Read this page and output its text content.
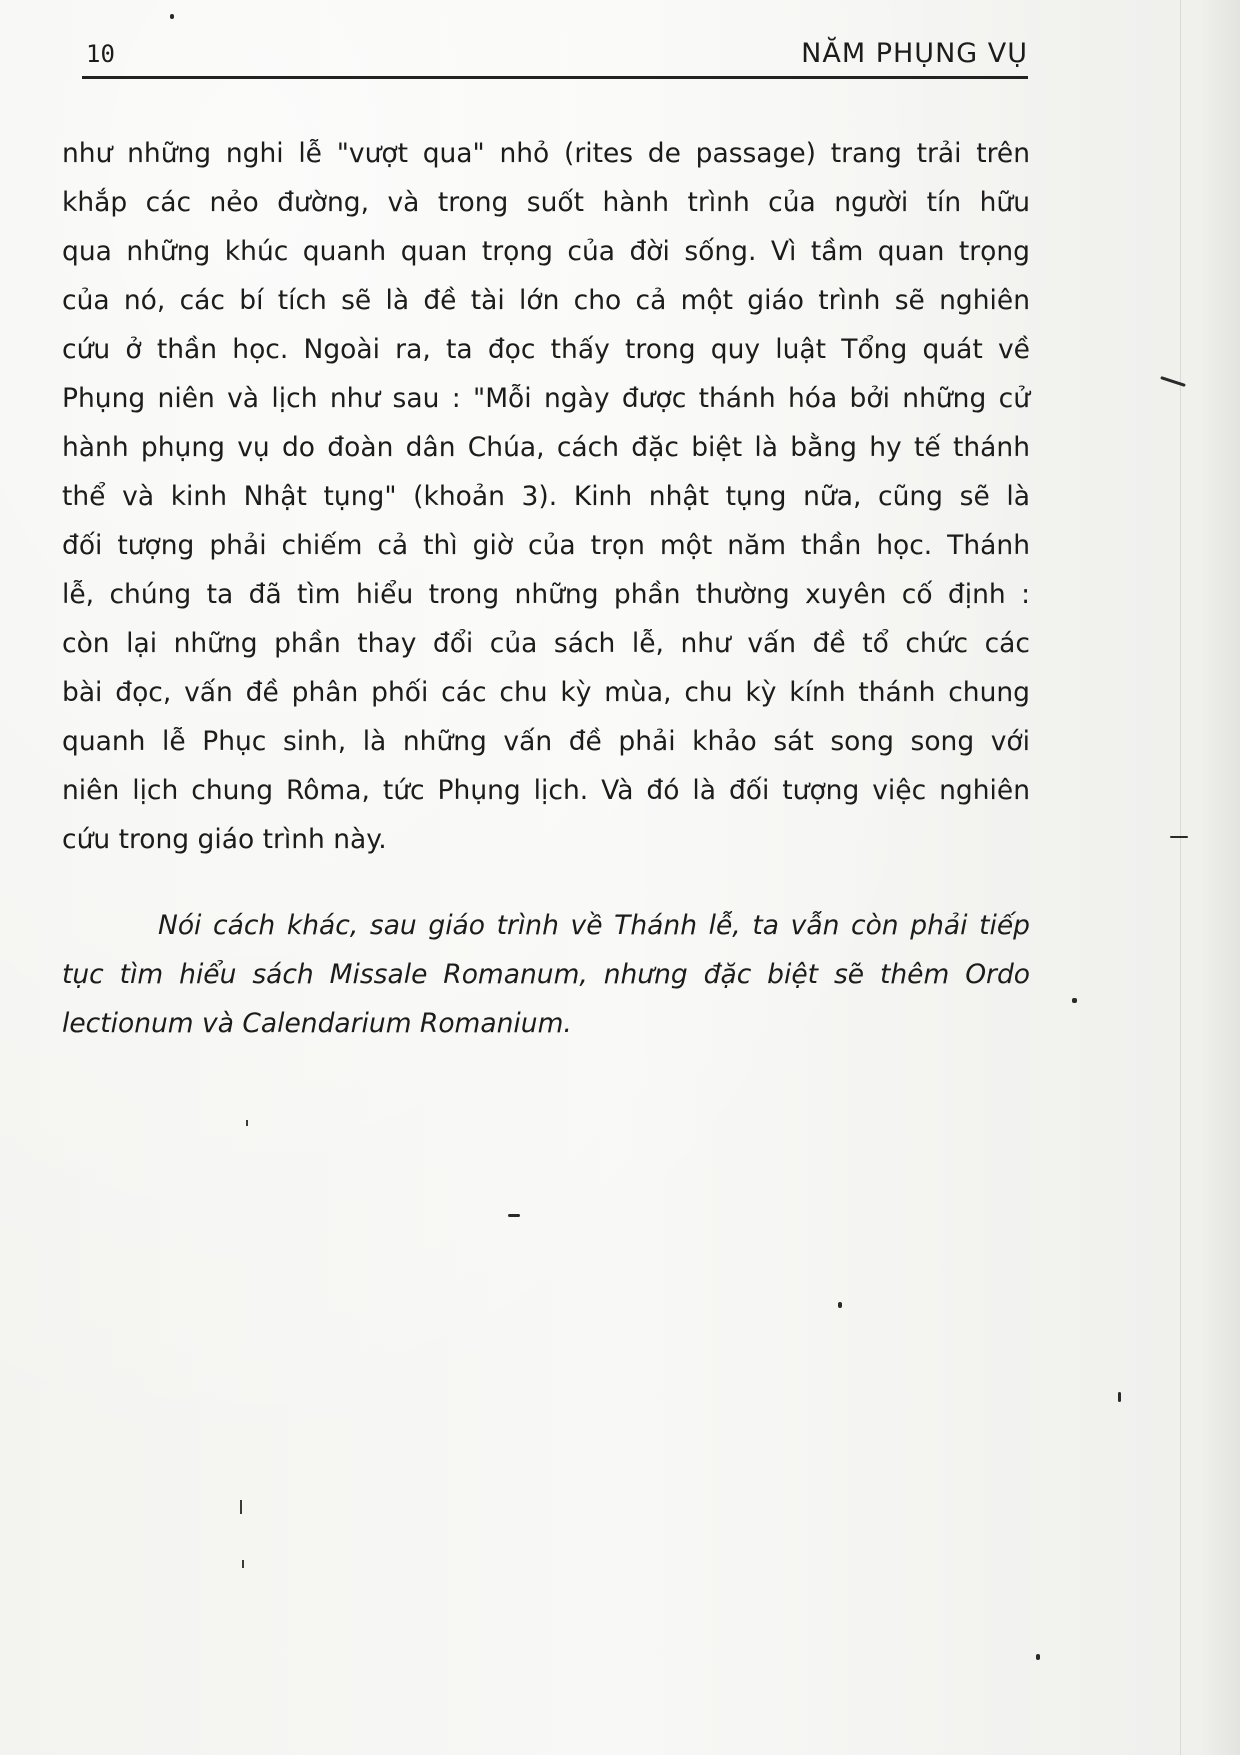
10	NĂM PHỤNG VỤ
như những nghi lễ "vượt qua" nhỏ (rites de passage) trang trải trên
khắp các nẻo đường, và trong suốt hành trình của người tín hữu
qua những khúc quanh quan trọng của đời sống. Vì tầm quan trọng
của nó, các bí tích sẽ là đề tài lớn cho cả một giáo trình sẽ nghiên
cứu ở thần học. Ngoài ra, ta đọc thấy trong quy luật Tổng quát về
Phụng niên và lịch như sau : "Mỗi ngày được thánh hóa bởi những cử
hành phụng vụ do đoàn dân Chúa, cách đặc biệt là bằng hy tế thánh
thể và kinh Nhật tụng" (khoản 3). Kinh nhật tụng nữa, cũng sẽ là
đối tượng phải chiếm cả thì giờ của trọn một năm thần học. Thánh
lễ, chúng ta đã tìm hiểu trong những phần thường xuyên cố định :
còn lại những phần thay đổi của sách lễ, như vấn đề tổ chức các
bài đọc, vấn đề phân phối các chu kỳ mùa, chu kỳ kính thánh chung
quanh lễ Phục sinh, là những vấn đề phải khảo sát song song với
niên lịch chung Rôma, tức Phụng lịch. Và đó là đối tượng việc nghiên
cứu trong giáo trình này.
Nói cách khác, sau giáo trình về Thánh lễ, ta vẫn còn phải tiếp
tục tìm hiểu sách Missale Romanum, nhưng đặc biệt sẽ thêm Ordo
lectionum và Calendarium Romanium.
